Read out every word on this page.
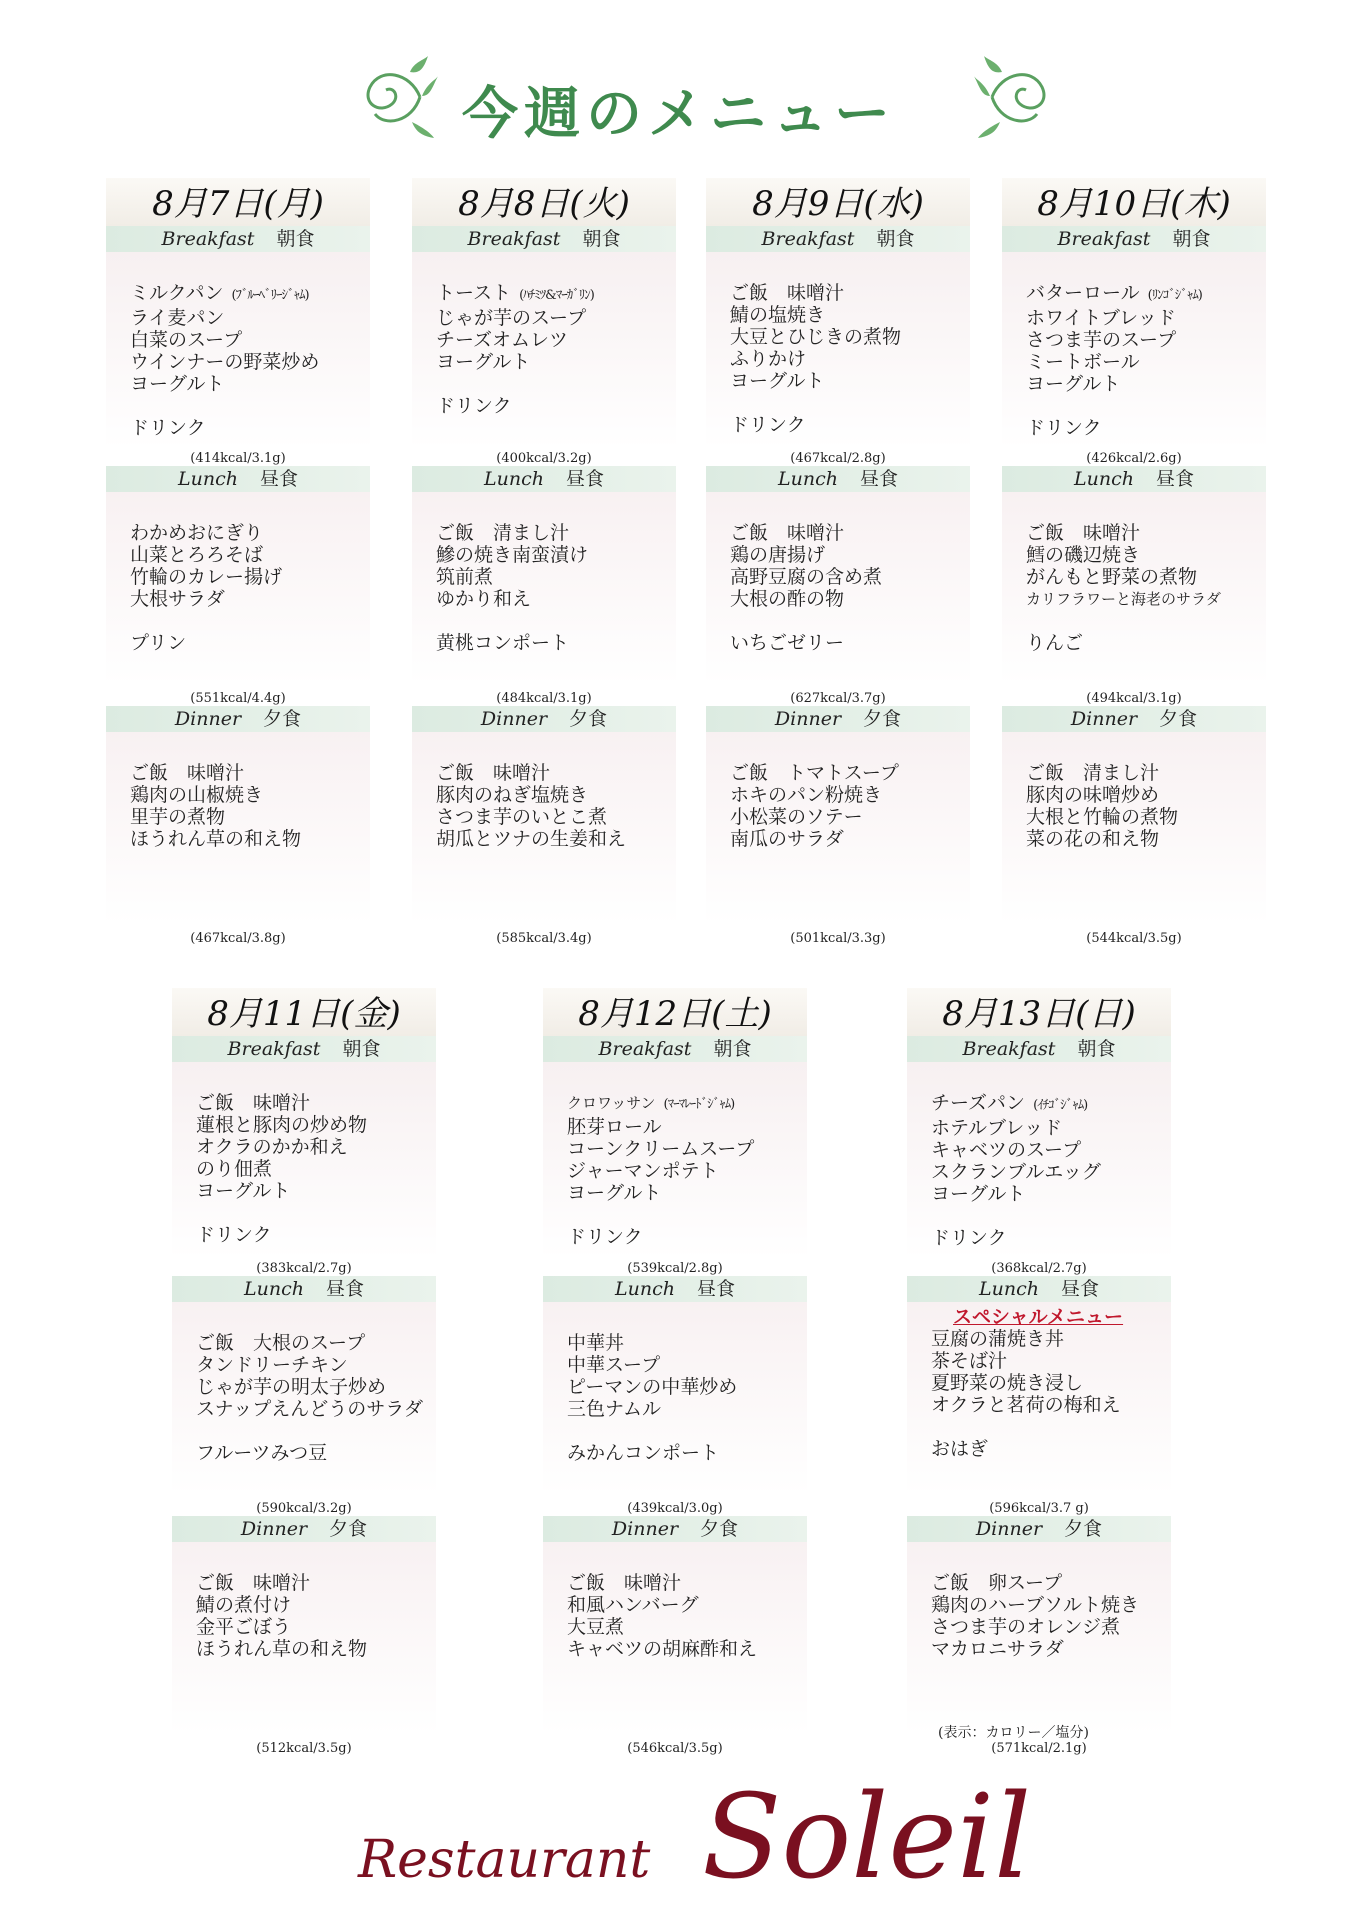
今週のメニュー
8月7日(月)
Breakfast 朝食
ミルクパン (ﾌﾞﾙｰﾍﾞﾘｰｼﾞｬﾑ)
ライ麦パン
白菜のスープ
ウインナーの野菜炒め
ヨーグルト
ドリンク
(414kcal/3.1g)
Lunch 昼食
わかめおにぎり
山菜とろろそば
竹輪のカレー揚げ
大根サラダ
プリン
(551kcal/4.4g)
Dinner 夕食
ご飯　味噌汁
鶏肉の山椒焼き
里芋の煮物
ほうれん草の和え物
(467kcal/3.8g)
8月8日(火)
Breakfast 朝食
トースト (ﾊﾁﾐﾂ&ﾏｰｶﾞﾘﾝ)
じゃが芋のスープ
チーズオムレツ
ヨーグルト
ドリンク
(400kcal/3.2g)
Lunch 昼食
ご飯　清まし汁
鰺の焼き南蛮漬け
筑前煮
ゆかり和え
黄桃コンポート
(484kcal/3.1g)
Dinner 夕食
ご飯　味噌汁
豚肉のねぎ塩焼き
さつま芋のいとこ煮
胡瓜とツナの生姜和え
(585kcal/3.4g)
8月9日(水)
Breakfast 朝食
ご飯　味噌汁
鯖の塩焼き
大豆とひじきの煮物
ふりかけ
ヨーグルト
ドリンク
(467kcal/2.8g)
Lunch 昼食
ご飯　味噌汁
鶏の唐揚げ
高野豆腐の含め煮
大根の酢の物
いちごゼリー
(627kcal/3.7g)
Dinner 夕食
ご飯　トマトスープ
ホキのパン粉焼き
小松菜のソテー
南瓜のサラダ
(501kcal/3.3g)
8月10日(木)
Breakfast 朝食
バターロール (ﾘﾝｺﾞｼﾞｬﾑ)
ホワイトブレッド
さつま芋のスープ
ミートボール
ヨーグルト
ドリンク
(426kcal/2.6g)
Lunch 昼食
ご飯　味噌汁
鱈の磯辺焼き
がんもと野菜の煮物
カリフラワーと海老のサラダ
りんご
(494kcal/3.1g)
Dinner 夕食
ご飯　清まし汁
豚肉の味噌炒め
大根と竹輪の煮物
菜の花の和え物
(544kcal/3.5g)
8月11日(金)
Breakfast 朝食
ご飯　味噌汁
蓮根と豚肉の炒め物
オクラのかか和え
のり佃煮
ヨーグルト
ドリンク
(383kcal/2.7g)
Lunch 昼食
ご飯　大根のスープ
タンドリーチキン
じゃが芋の明太子炒め
スナップえんどうのサラダ
フルーツみつ豆
(590kcal/3.2g)
Dinner 夕食
ご飯　味噌汁
鯖の煮付け
金平ごぼう
ほうれん草の和え物
(512kcal/3.5g)
8月12日(土)
Breakfast 朝食
クロワッサン (ﾏｰﾏﾚｰﾄﾞｼﾞｬﾑ)
胚芽ロール
コーンクリームスープ
ジャーマンポテト
ヨーグルト
ドリンク
(539kcal/2.8g)
Lunch 昼食
中華丼
中華スープ
ピーマンの中華炒め
三色ナムル
みかんコンポート
(439kcal/3.0g)
Dinner 夕食
ご飯　味噌汁
和風ハンバーグ
大豆煮
キャベツの胡麻酢和え
(546kcal/3.5g)
8月13日(日)
Breakfast 朝食
チーズパン (ｲﾁｺﾞｼﾞｬﾑ)
ホテルブレッド
キャベツのスープ
スクランブルエッグ
ヨーグルト
ドリンク
(368kcal/2.7g)
Lunch 昼食
スペシャルメニュー
豆腐の蒲焼き丼
茶そば汁
夏野菜の焼き浸し
オクラと茗荷の梅和え
おはぎ
(596kcal/3.7 g)
Dinner 夕食
ご飯　卵スープ
鶏肉のハーブソルト焼き
さつま芋のオレンジ煮
マカロニサラダ
(571kcal/2.1g)
(表示：カロリー／塩分)
Restaurant Soleil
